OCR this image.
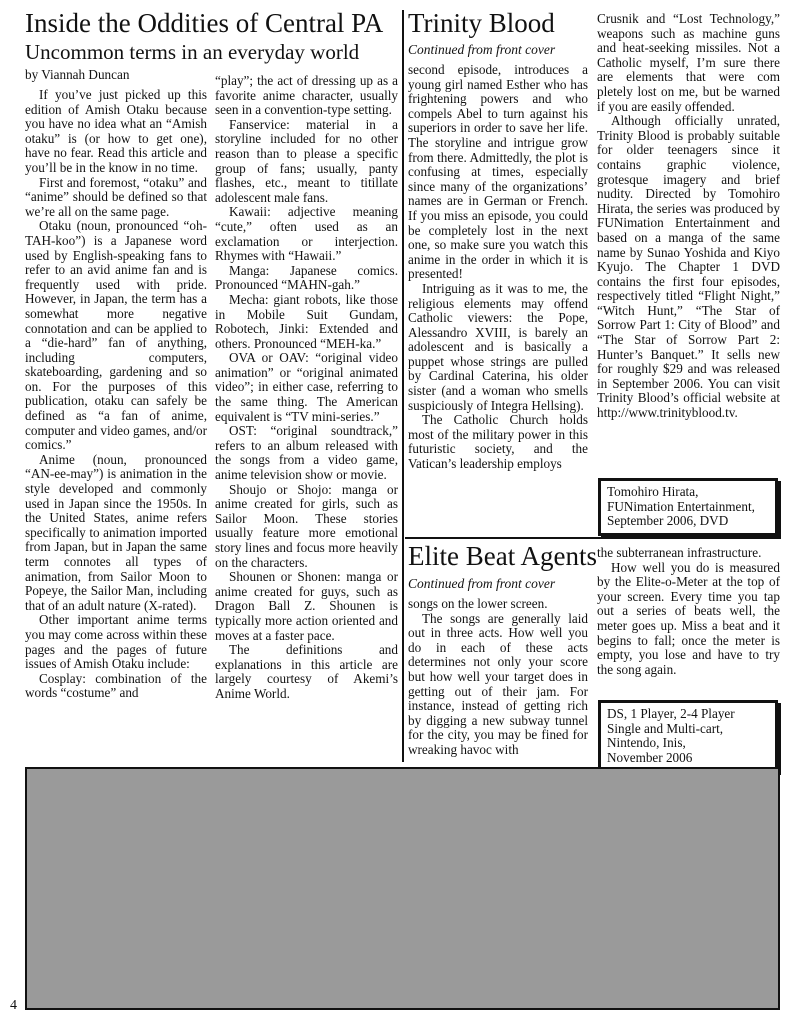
Inside the Oddities of Central PA
Uncommon terms in an everyday world
by Viannah Duncan

If you’ve just picked up this edition of Amish Otaku because you have no idea what an “Amish otaku” is (or how to get one), have no fear. Read this article and you’ll be in the know in no time.

First and foremost, “otaku” and “anime” should be defined so that we’re all on the same page.

Otaku (noun, pronounced “oh-TAH-koo”) is a Japanese word used by English-speaking fans to refer to an avid anime fan and is frequently used with pride. However, in Japan, the term has a somewhat more negative connotation and can be applied to a “die-hard” fan of anything, including computers, skateboarding, gardening and so on. For the purposes of this publication, otaku can safely be defined as “a fan of anime, computer and video games, and/or comics.”

Anime (noun, pronounced “AN-ee-may”) is animation in the style developed and commonly used in Japan since the 1950s. In the United States, anime refers specifically to animation imported from Japan, but in Japan the same term connotes all types of animation, from Sailor Moon to Popeye, the Sailor Man, including that of an adult nature (X-rated).

Other important anime terms you may come across within these pages and the pages of future issues of Amish Otaku include:

Cosplay: combination of the words “costume” and

“play”; the act of dressing up as a favorite anime character, usually seen in a convention-type setting.

Fanservice: material in a storyline included for no other reason than to please a specific group of fans; usually, panty flashes, etc., meant to titillate adolescent male fans.

Kawaii: adjective meaning “cute,” often used as an exclamation or interjection. Rhymes with “Hawaii.”

Manga: Japanese comics. Pronounced “MAHN-gah.”

Mecha: giant robots, like those in Mobile Suit Gundam, Robotech, Jinki: Extended and others. Pronounced “MEH-ka.”

OVA or OAV: “original video animation” or “original animated video”; in either case, referring to the same thing. The American equivalent is “TV mini-series.”

OST: “original soundtrack,” refers to an album released with the songs from a video game, anime television show or movie.

Shoujo or Shojo: manga or anime created for girls, such as Sailor Moon. These stories usually feature more emotional story lines and focus more heavily on the characters.

Shounen or Shonen: manga or anime created for guys, such as Dragon Ball Z. Shounen is typically more action oriented and moves at a faster pace.

The definitions and explanations in this article are largely courtesy of Akemi’s Anime World.

Trinity Blood
Continued from front cover

second episode, introduces a young girl named Esther who has frightening powers and who compels Abel to turn against his superiors in order to save her life. The storyline and intrigue grow from there. Admittedly, the plot is confusing at times, especially since many of the organizations’ names are in German or French. If you miss an episode, you could be completely lost in the next one, so make sure you watch this anime in the order in which it is presented!

Intriguing as it was to me, the religious elements may offend Catholic viewers: the Pope, Alessandro XVIII, is barely an adolescent and is basically a puppet whose strings are pulled by Cardinal Caterina, his older sister (and a woman who smells suspiciously of Integra Hellsing).

The Catholic Church holds most of the military power in this futuristic society, and the Vatican’s leadership employs

Crusnik and “Lost Technology,” weapons such as machine guns and heat-seeking missiles. Not a Catholic myself, I’m sure there are elements that were com pletely lost on me, but be warned if you are easily offended.

Although officially unrated, Trinity Blood is probably suitable for older teenagers since it contains graphic violence, grotesque imagery and brief nudity. Directed by Tomohiro Hirata, the series was produced by FUNimation Entertainment and based on a manga of the same name by Sunao Yoshida and Kiyo Kyujo. The Chapter 1 DVD contains the first four episodes, respectively titled “Flight Night,” “Witch Hunt,” “The Star of Sorrow Part 1: City of Blood” and “The Star of Sorrow Part 2: Hunter’s Banquet.” It sells new for roughly $29 and was released in September 2006. You can visit Trinity Blood’s official website at http://www.trinityblood.tv.

Tomohiro Hirata,
FUNimation Entertainment,
September 2006, DVD
Elite Beat Agents
Continued from front cover

songs on the lower screen.

The songs are generally laid out in three acts. How well you do in each of these acts determines not only your score but how well your target does in getting out of their jam. For instance, instead of getting rich by digging a new subway tunnel for the city, you may be fined for wreaking havoc with

the subterranean infrastructure.

How well you do is measured by the Elite-o-Meter at the top of your screen. Every time you tap out a series of beats well, the meter goes up. Miss a beat and it begins to fall; once the meter is empty, you lose and have to try the song again.

DS, 1 Player, 2-4 Player
Single and Multi-cart,
Nintendo, Inis,
November 2006
4
